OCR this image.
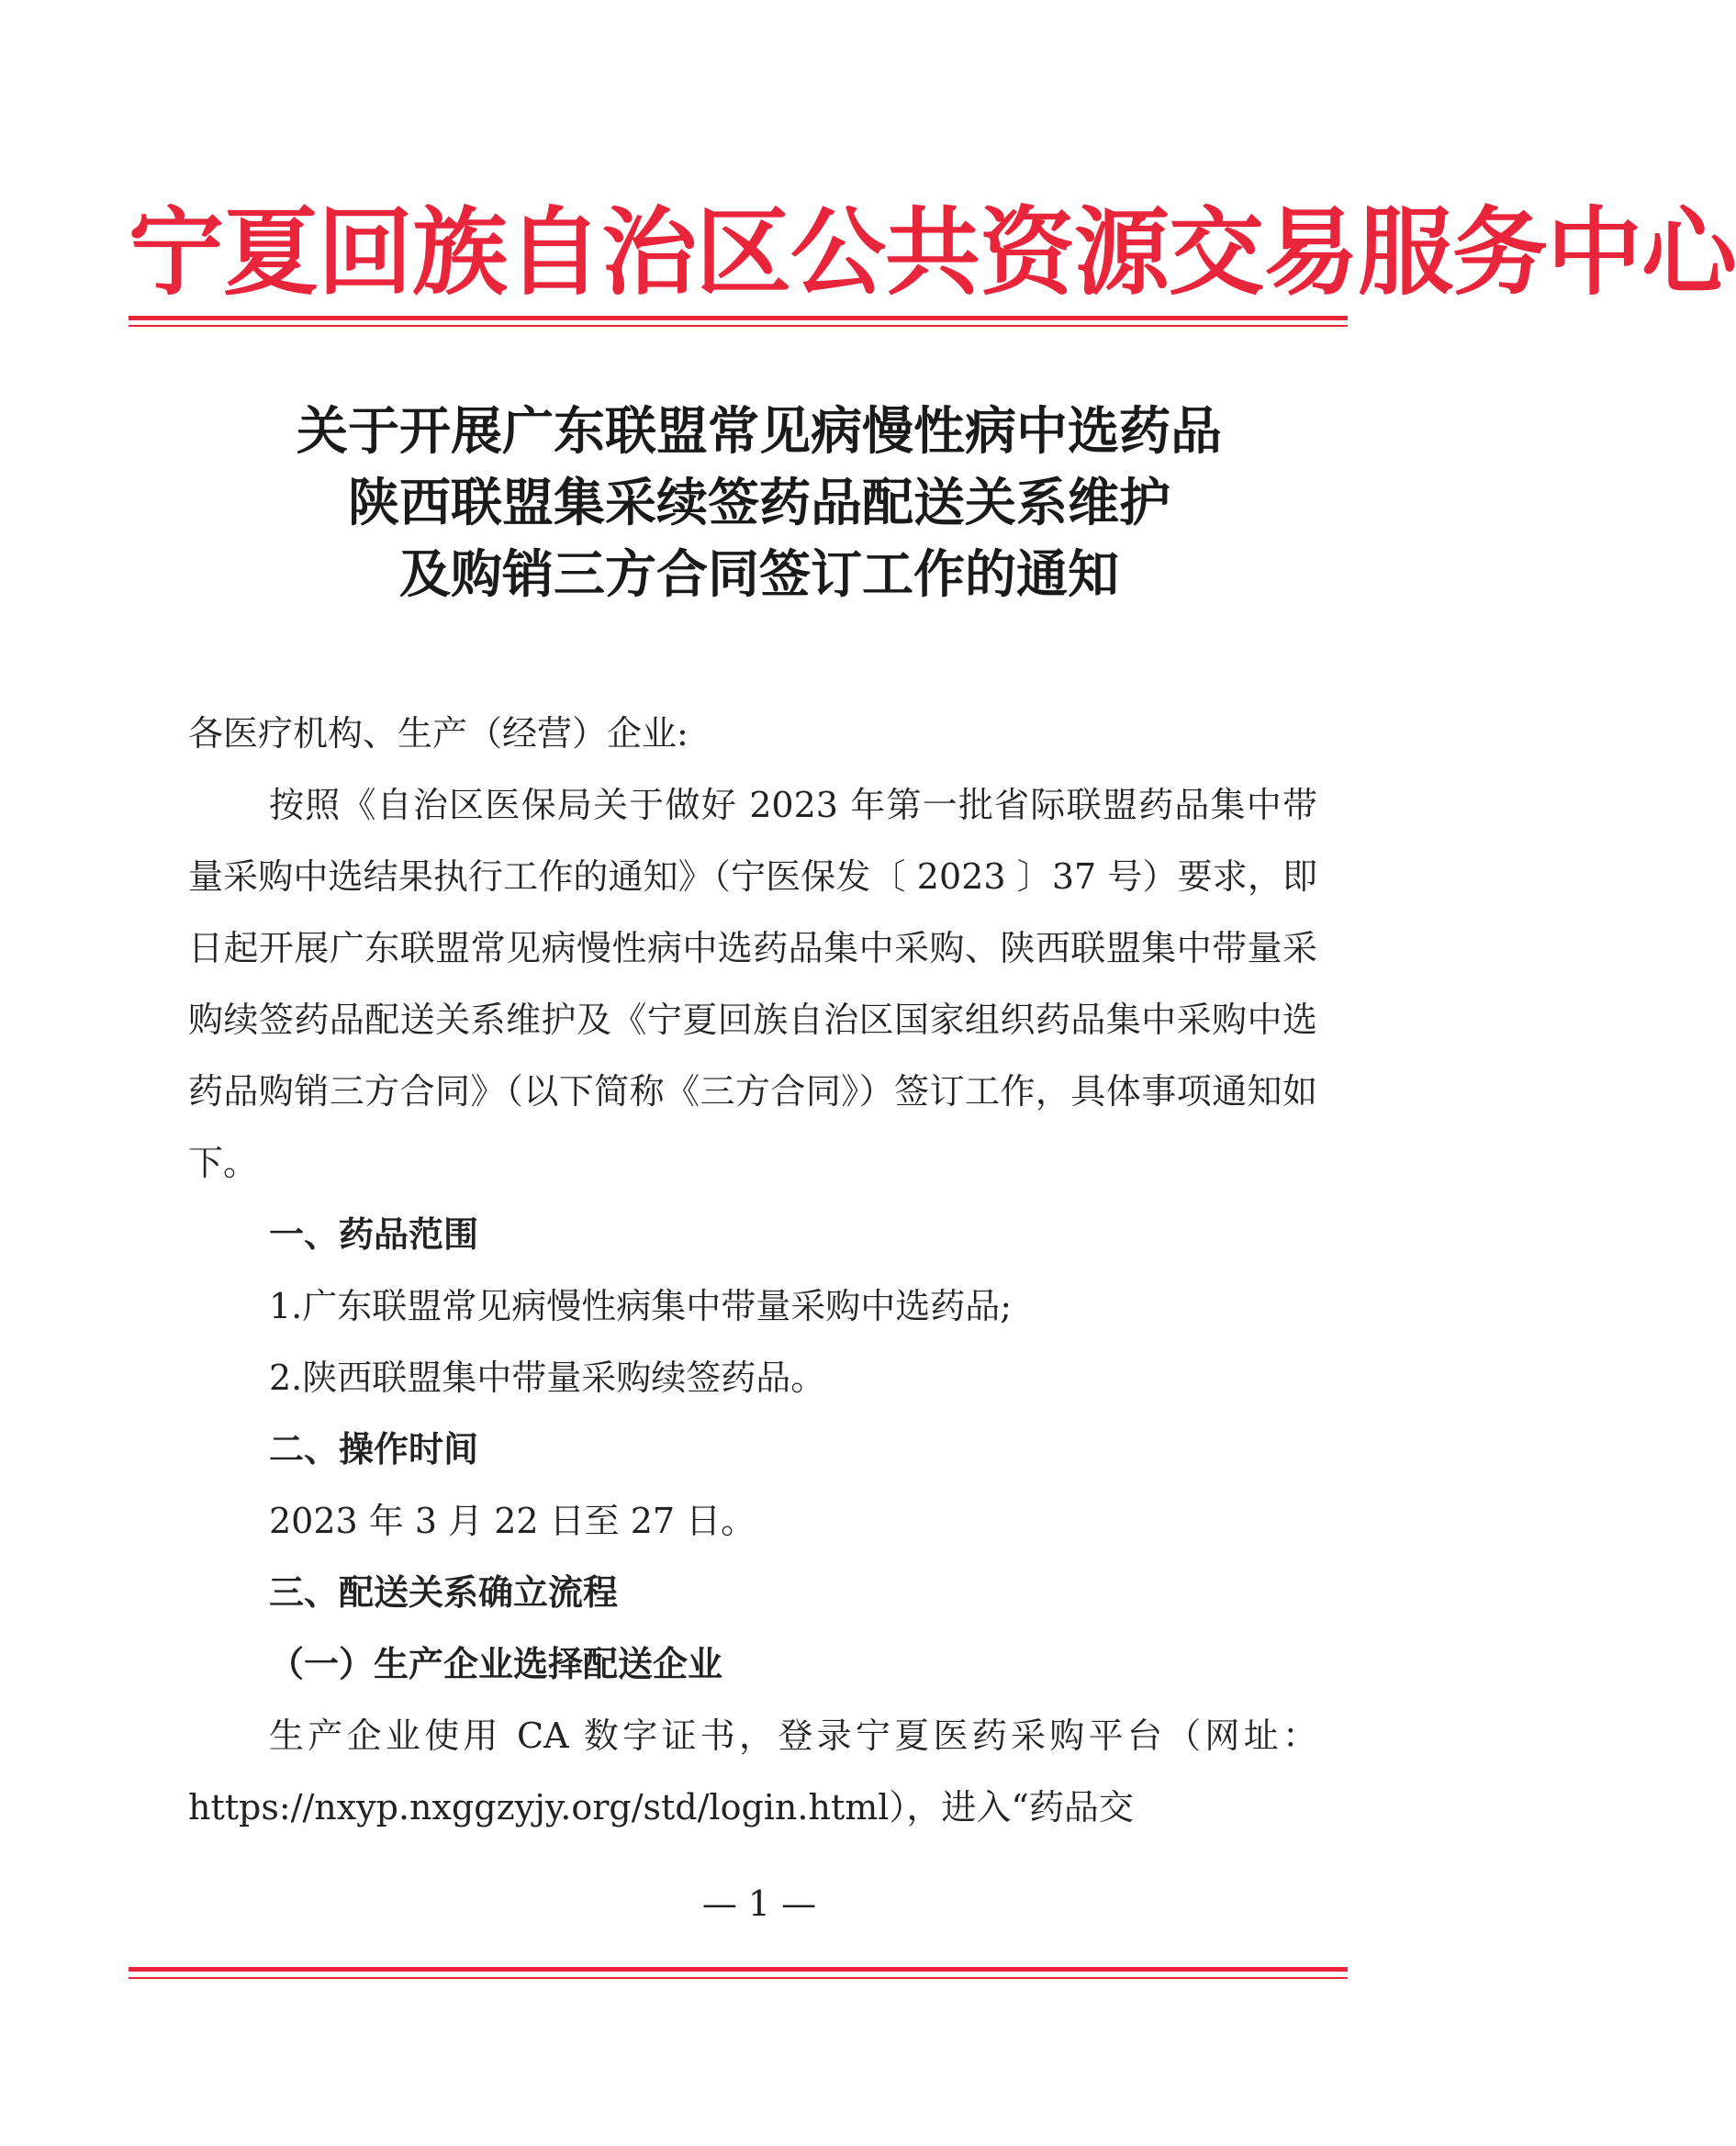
宁夏回族自治区公共资源交易服务中心
关于开展广东联盟常见病慢性病中选药品
陕西联盟集采续签药品配送关系维护
及购销三方合同签订工作的通知

各医疗机构、生产（经营）企业:

按照《自治区医保局关于做好 2023 年第一批省际联盟药品集中带量采购中选结果执行工作的通知》（宁医保发〔 2023 〕37 号）要求，即日起开展广东联盟常见病慢性病中选药品集中采购、陕西联盟集中带量采购续签药品配送关系维护及《宁夏回族自治区国家组织药品集中采购中选药品购销三方合同》（以下简称《三方合同》）签订工作，具体事项通知如下。

一、药品范围

1.广东联盟常见病慢性病集中带量采购中选药品;

2.陕西联盟集中带量采购续签药品。

二、操作时间

2023 年 3 月 22 日至 27 日。

三、配送关系确立流程

（一）生产企业选择配送企业

生产企业使用 CA 数字证书，登录宁夏医药采购平台（网址：https://nxyp.nxggzyjy.org/std/login.html），进入“药品交

— 1 —
